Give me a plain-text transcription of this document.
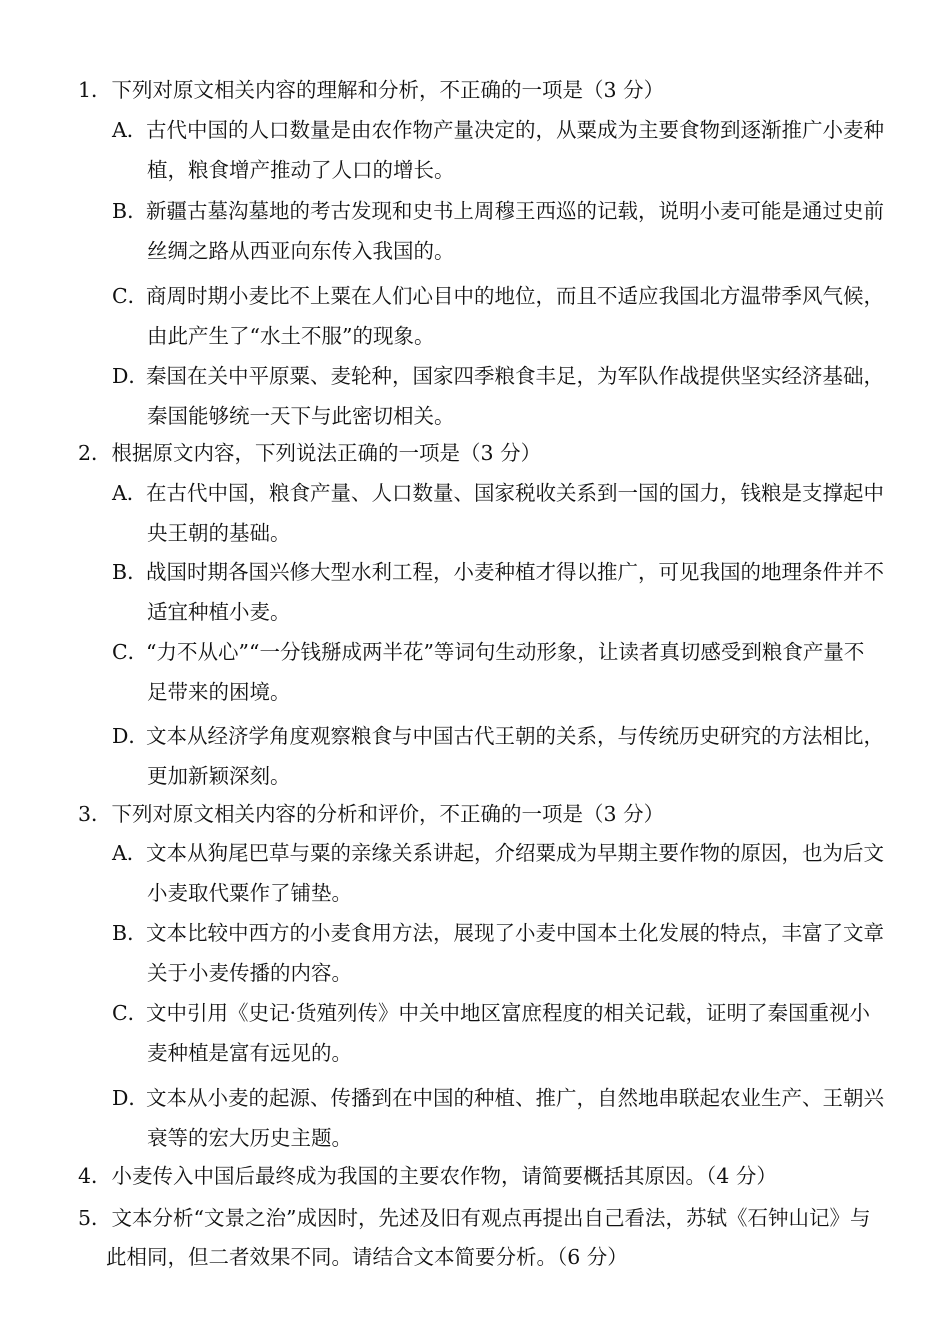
1．下列对原文相关内容的理解和分析，不正确的一项是（3 分）
A．古代中国的人口数量是由农作物产量决定的，从粟成为主要食物到逐渐推广小麦种
植，粮食增产推动了人口的增长。
B．新疆古墓沟墓地的考古发现和史书上周穆王西巡的记载，说明小麦可能是通过史前
丝绸之路从西亚向东传入我国的。
C．商周时期小麦比不上粟在人们心目中的地位，而且不适应我国北方温带季风气候，
由此产生了“水土不服”的现象。
D．秦国在关中平原粟、麦轮种，国家四季粮食丰足，为军队作战提供坚实经济基础，
秦国能够统一天下与此密切相关。
2．根据原文内容，下列说法正确的一项是（3 分）
A．在古代中国，粮食产量、人口数量、国家税收关系到一国的国力，钱粮是支撑起中
央王朝的基础。
B．战国时期各国兴修大型水利工程，小麦种植才得以推广，可见我国的地理条件并不
适宜种植小麦。
C．“力不从心”“一分钱掰成两半花”等词句生动形象，让读者真切感受到粮食产量不
足带来的困境。
D．文本从经济学角度观察粮食与中国古代王朝的关系，与传统历史研究的方法相比，
更加新颖深刻。
3．下列对原文相关内容的分析和评价，不正确的一项是（3 分）
A．文本从狗尾巴草与粟的亲缘关系讲起，介绍粟成为早期主要作物的原因，也为后文
小麦取代粟作了铺垫。
B．文本比较中西方的小麦食用方法，展现了小麦中国本土化发展的特点，丰富了文章
关于小麦传播的内容。
C．文中引用《史记·货殖列传》中关中地区富庶程度的相关记载，证明了秦国重视小
麦种植是富有远见的。
D．文本从小麦的起源、传播到在中国的种植、推广，自然地串联起农业生产、王朝兴
衰等的宏大历史主题。
4．小麦传入中国后最终成为我国的主要农作物，请简要概括其原因。（4 分）
5．文本分析“文景之治”成因时，先述及旧有观点再提出自己看法，苏轼《石钟山记》与
此相同，但二者效果不同。请结合文本简要分析。（6 分）
